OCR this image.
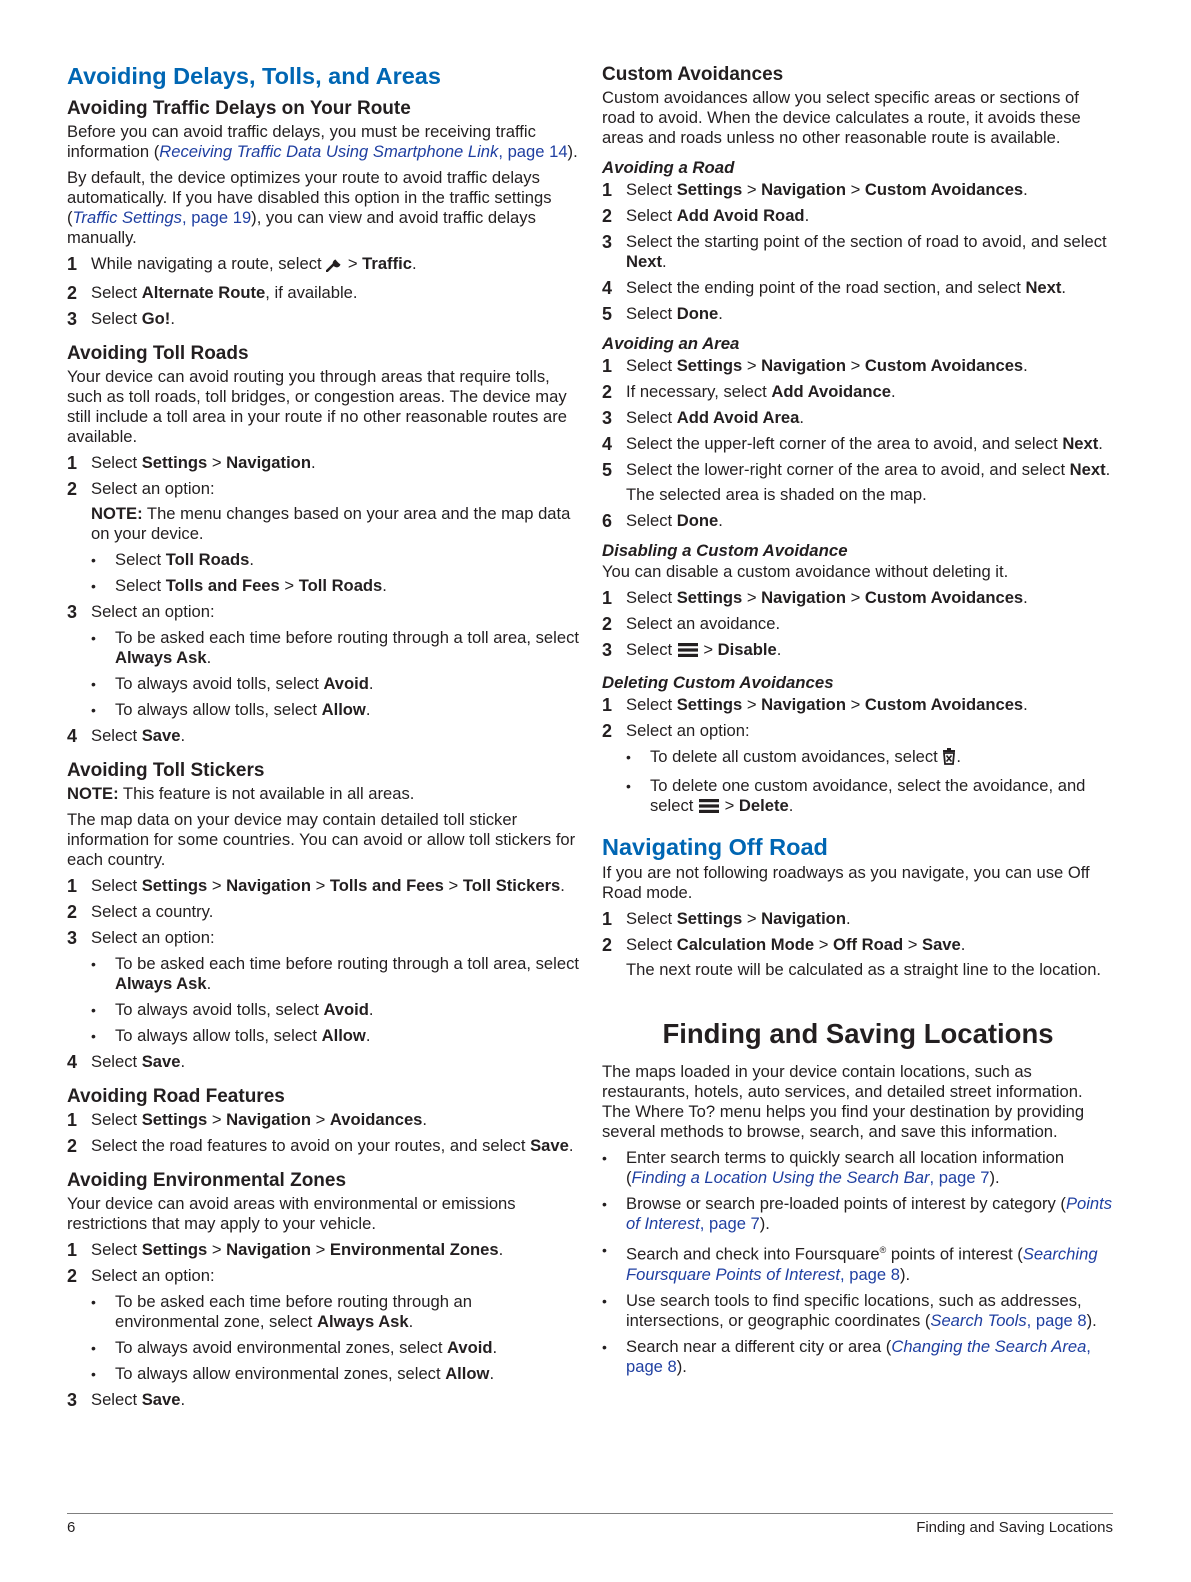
Avoiding Delays, Tolls, and Areas
Avoiding Traffic Delays on Your Route
Before you can avoid traffic delays, you must be receiving traffic information (Receiving Traffic Data Using Smartphone Link, page 14).
By default, the device optimizes your route to avoid traffic delays automatically. If you have disabled this option in the traffic settings (Traffic Settings, page 19), you can view and avoid traffic delays manually.
1 While navigating a route, select  > Traffic.
2 Select Alternate Route, if available.
3 Select Go!.
Avoiding Toll Roads
Your device can avoid routing you through areas that require tolls, such as toll roads, toll bridges, or congestion areas. The device may still include a toll area in your route if no other reasonable routes are available.
1 Select Settings > Navigation.
2 Select an option:
NOTE: The menu changes based on your area and the map data on your device.
• Select Toll Roads.
• Select Tolls and Fees > Toll Roads.
3 Select an option:
• To be asked each time before routing through a toll area, select Always Ask.
• To always avoid tolls, select Avoid.
• To always allow tolls, select Allow.
4 Select Save.
Avoiding Toll Stickers
NOTE: This feature is not available in all areas.
The map data on your device may contain detailed toll sticker information for some countries. You can avoid or allow toll stickers for each country.
1 Select Settings > Navigation > Tolls and Fees > Toll Stickers.
2 Select a country.
3 Select an option:
• To be asked each time before routing through a toll area, select Always Ask.
• To always avoid tolls, select Avoid.
• To always allow tolls, select Allow.
4 Select Save.
Avoiding Road Features
1 Select Settings > Navigation > Avoidances.
2 Select the road features to avoid on your routes, and select Save.
Avoiding Environmental Zones
Your device can avoid areas with environmental or emissions restrictions that may apply to your vehicle.
1 Select Settings > Navigation > Environmental Zones.
2 Select an option:
• To be asked each time before routing through an environmental zone, select Always Ask.
• To always avoid environmental zones, select Avoid.
• To always allow environmental zones, select Allow.
3 Select Save.
Custom Avoidances
Custom avoidances allow you select specific areas or sections of road to avoid. When the device calculates a route, it avoids these areas and roads unless no other reasonable route is available.
Avoiding a Road
1 Select Settings > Navigation > Custom Avoidances.
2 Select Add Avoid Road.
3 Select the starting point of the section of road to avoid, and select Next.
4 Select the ending point of the road section, and select Next.
5 Select Done.
Avoiding an Area
1 Select Settings > Navigation > Custom Avoidances.
2 If necessary, select Add Avoidance.
3 Select Add Avoid Area.
4 Select the upper-left corner of the area to avoid, and select Next.
5 Select the lower-right corner of the area to avoid, and select Next.
The selected area is shaded on the map.
6 Select Done.
Disabling a Custom Avoidance
You can disable a custom avoidance without deleting it.
1 Select Settings > Navigation > Custom Avoidances.
2 Select an avoidance.
3 Select  > Disable.
Deleting Custom Avoidances
1 Select Settings > Navigation > Custom Avoidances.
2 Select an option:
• To delete all custom avoidances, select .
• To delete one custom avoidance, select the avoidance, and select  > Delete.
Navigating Off Road
If you are not following roadways as you navigate, you can use Off Road mode.
1 Select Settings > Navigation.
2 Select Calculation Mode > Off Road > Save.
The next route will be calculated as a straight line to the location.
Finding and Saving Locations
The maps loaded in your device contain locations, such as restaurants, hotels, auto services, and detailed street information. The Where To? menu helps you find your destination by providing several methods to browse, search, and save this information.
• Enter search terms to quickly search all location information (Finding a Location Using the Search Bar, page 7).
• Browse or search pre-loaded points of interest by category (Points of Interest, page 7).
• Search and check into Foursquare® points of interest (Searching Foursquare Points of Interest, page 8).
• Use search tools to find specific locations, such as addresses, intersections, or geographic coordinates (Search Tools, page 8).
• Search near a different city or area (Changing the Search Area, page 8).
6	Finding and Saving Locations
